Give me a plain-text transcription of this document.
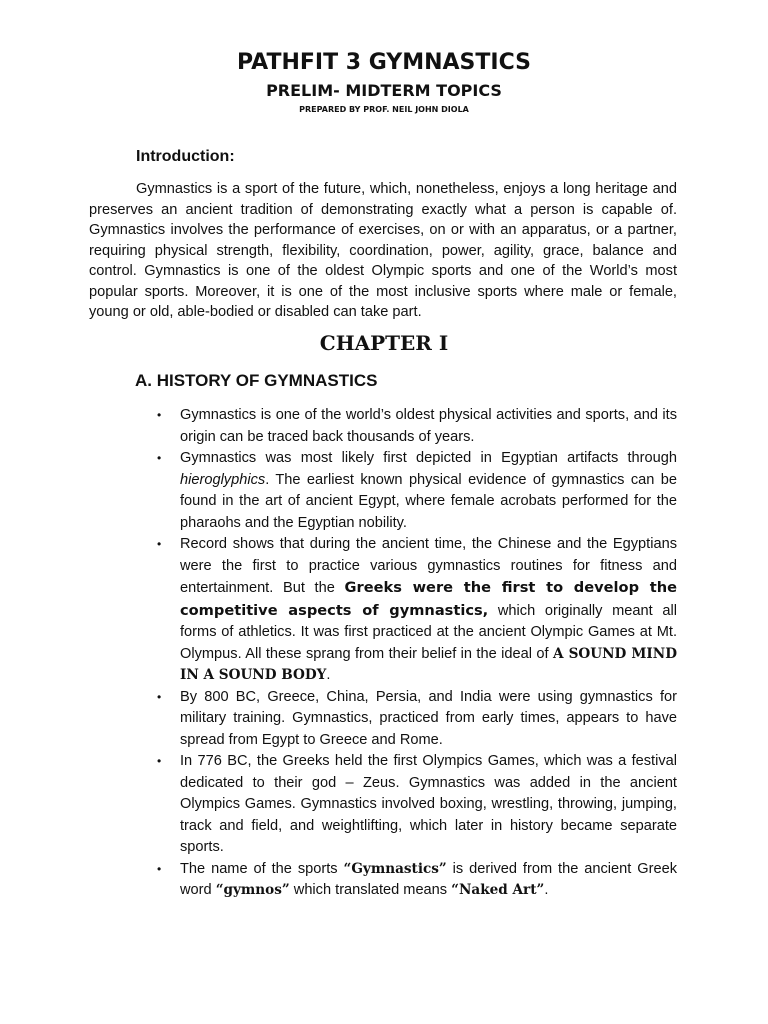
PATHFIT 3 GYMNASTICS
PRELIM- MIDTERM TOPICS

PREPARED BY PROF. NEIL JOHN DIOLA

Introduction:

Gymnastics is a sport of the future, which, nonetheless, enjoys a long heritage and preserves an ancient tradition of demonstrating exactly what a person is capable of. Gymnastics involves the performance of exercises, on or with an apparatus, or a partner, requiring physical strength, flexibility, coordination, power, agility, grace, balance and control. Gymnastics is one of the oldest Olympic sports and one of the World’s most popular sports. Moreover, it is one of the most inclusive sports where male or female, young or old, able-bodied or disabled can take part.

CHAPTER I
A. HISTORY OF GYMNASTICS
• Gymnastics is one of the world’s oldest physical activities and sports, and its origin can be traced back thousands of years.
• Gymnastics was most likely first depicted in Egyptian artifacts through hieroglyphics. The earliest known physical evidence of gymnastics can be found in the art of ancient Egypt, where female acrobats performed for the pharaohs and the Egyptian nobility.
• Record shows that during the ancient time, the Chinese and the Egyptians were the first to practice various gymnastics routines for fitness and entertainment. But the Greeks were the first to develop the competitive aspects of gymnastics, which originally meant all forms of athletics. It was first practiced at the ancient Olympic Games at Mt. Olympus. All these sprang from their belief in the ideal of A SOUND MIND IN A SOUND BODY.
• By 800 BC, Greece, China, Persia, and India were using gymnastics for military training. Gymnastics, practiced from early times, appears to have spread from Egypt to Greece and Rome.
• In 776 BC, the Greeks held the first Olympics Games, which was a festival dedicated to their god – Zeus. Gymnastics was added in the ancient Olympics Games. Gymnastics involved boxing, wrestling, throwing, jumping, track and field, and weightlifting, which later in history became separate sports.
• The name of the sports “Gymnastics” is derived from the ancient Greek word “gymnos” which translated means “Naked Art”.
